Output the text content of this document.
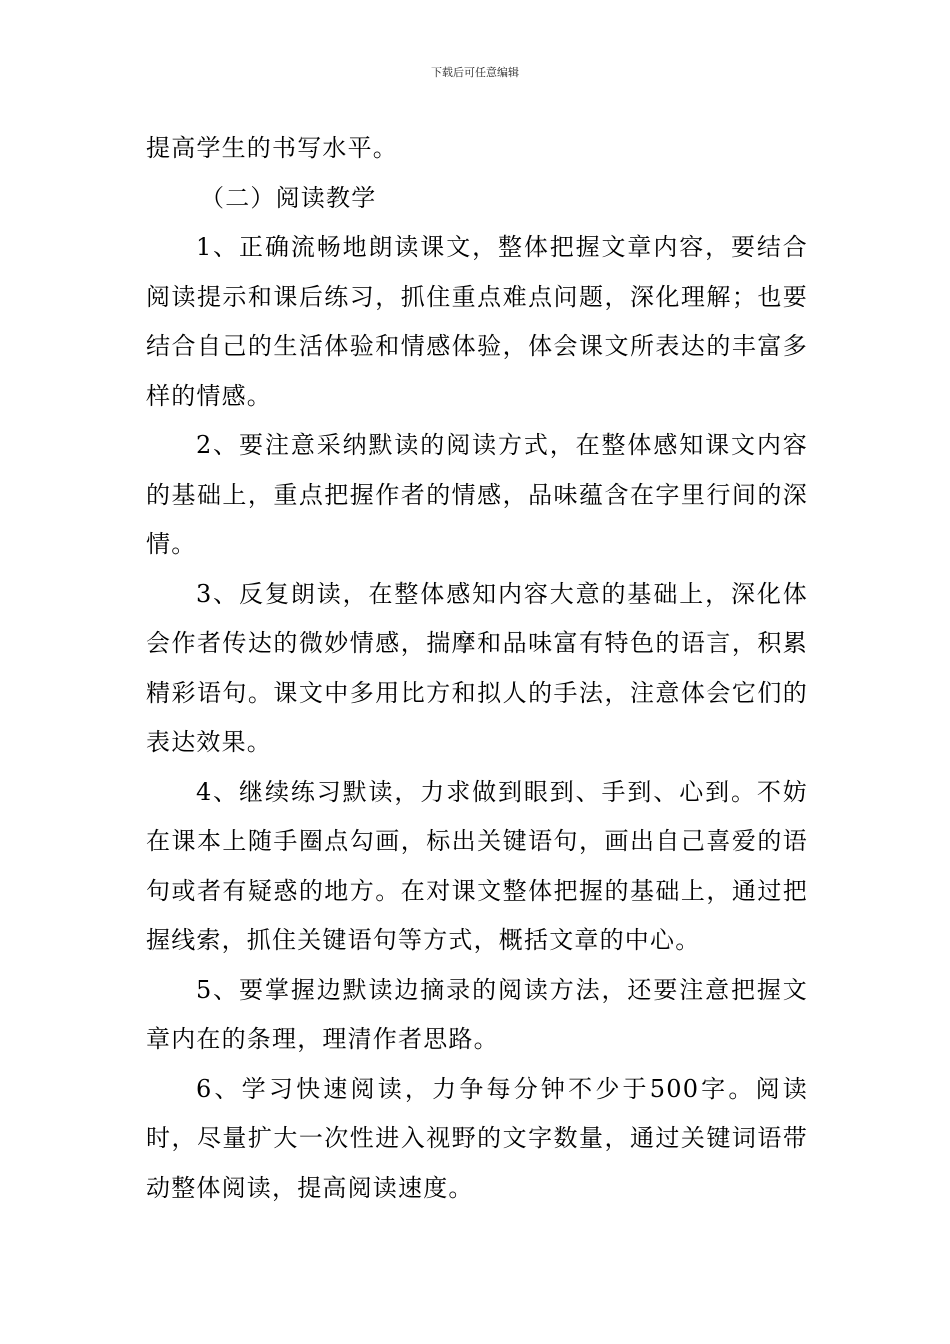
下载后可任意编辑

提高学生的书写水平。

（二）阅读教学

1、正确流畅地朗读课文，整体把握文章内容，要结合阅读提示和课后练习，抓住重点难点问题，深化理解；也要结合自己的生活体验和情感体验，体会课文所表达的丰富多样的情感。

2、要注意采纳默读的阅读方式，在整体感知课文内容的基础上，重点把握作者的情感，品味蕴含在字里行间的深情。

3、反复朗读，在整体感知内容大意的基础上，深化体会作者传达的微妙情感，揣摩和品味富有特色的语言，积累精彩语句。课文中多用比方和拟人的手法，注意体会它们的表达效果。

4、继续练习默读，力求做到眼到、手到、心到。不妨在课本上随手圈点勾画，标出关键语句，画出自己喜爱的语句或者有疑惑的地方。在对课文整体把握的基础上，通过把握线索，抓住关键语句等方式，概括文章的中心。

5、要掌握边默读边摘录的阅读方法，还要注意把握文章内在的条理，理清作者思路。

6、学习快速阅读，力争每分钟不少于500字。阅读时，尽量扩大一次性进入视野的文字数量，通过关键词语带动整体阅读，提高阅读速度。
